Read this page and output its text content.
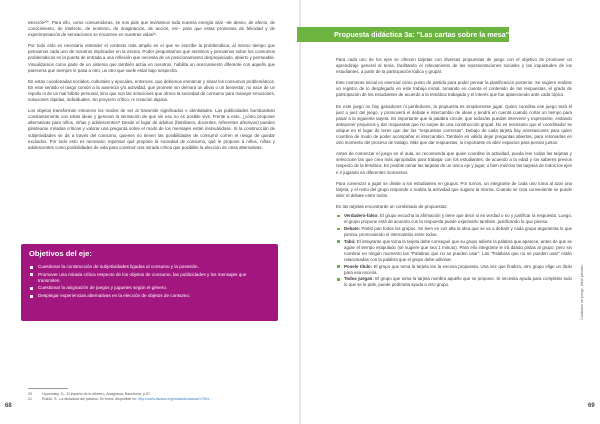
elección²⁰". Para ello, como consumidoras, se nos pide que invirtamos toda nuestra energía vital –de deseo, de afecto, de conocimiento, de intelecto, de erotismo, de imaginación, de acción, etc– para que estas promesas de felicidad y de experimentación de sensaciones se encarnen en nuestras vidas²¹.

Por todo esto es necesario entender el contexto más amplio en el que se inscribe la problemática, al mismo tiempo que pensamos cada uno de nosotros implicados en la misma. Poder preguntarnos qué sentimos y pensamos sobre los consumos problemáticos es la puerta de entrada a una reflexión que necesita de un posicionamiento desprejuiciado, abierto y permeable. Visualizamos como parte de un sistema que también actúa en nosotros, habilita un acercamiento diferente con aquello que parecería que siempre le pasa a otro, un otro que suele estar bajo sospecha.

En estas coordenadas sociales, culturales y epocales, entonces, que debemos enmarcar y situar los consumos problemáticos. En este sentido el rasgo común a la ausencia y/o actividad, que promete sin demora un alivio o un bienestar, no nace de un repollo ni de un mal hábito personal, sino que son las soluciones que ofrece la sociedad de consumo para manejar emociones, soluciones rápidas, individuales, sin proyecto crítico, ni creación alguna.

Los objetos transforman entonces los modos de ser al transmitir significados e identidades. Las publicidades bombardean constantemente con estas ideas y generan la sensación de que sin eso no es posible vivir. Frente a esto, ¿cómo proponer alternativas para niños, niñas y adolescentes? Desde el lugar de adultos (familiares, docentes, referentes afectivos) pueden plantearse miradas críticas y valorar una pregunta sobre el modo de los mensajes están insinuándose. Si la construcción de subjetividades se da a través del consumo, quienes no tienen las posibilidades de consumir corren el riesgo de quedar excluidos. Por todo esto es necesario repensar qué propone la sociedad de consumo, qué le propone a niños, niñas y adolescentes como posibilidades de vida para construir una mirada crítica que posibilite la elección de otras alternativas.

Objetivos del eje:
Cuestionar la construcción de subjetividades ligadas al consumo y la posesión.
Promover una mirada crítica respecto de los objetos de consumo, las publicidades y los mensajes que transmiten.
Cuestionar la asignación de juegos y juguetes según el género.
Desplegar experiencias alternativas en la elección de objetos de consumo.
20	Lipovetsky, G., El imperio de lo efímero, Anagrama, Barcelona, p.97.
21	Rolnik, S., La dictadura del paraíso. En línea, disponible en: http://www.lavaca.org/notas/dictadura/17054...
68
Propuesta didáctica 3a: "Las cartas sobre la mesa"

Para cada uno de los ejes se ofrecen tarjetas con diversas propuestas de juego con el objetivo de promover un aprendizaje general al tema, facilitando el relevamiento de las representaciones sociales y las inquietudes de los estudiantes, a partir de la participación lúdica y grupal.

Este momento inicial es esencial como punto de partida para poder pensar la planificación posterior. Se sugiere realizar un registro de lo desplegado en este trabajo inicial, tomando en cuenta el contenido de las respuestas, el grado de participación de los estudiantes de acuerdo a la temática trabajada y el interés que fue apareciendo ante cada tópico.

En este juego no hay ganadores ni perdedores, la propuesta es simplemente jugar. Quien coordina ese juego será el juez o juez del juego, y promoverá el debate e intercambio de ideas y tendrá en cuenta cuando cortar un tiempo para pasar a la siguiente tarjeta. Es importante que la palabra circule, que todos/as puedan intervenir y expresarse, evitando anteponer prejuicios y dar respuestas que no surjan de una construcción grupal. No es necesario que el coordinador se ubique en el lugar de tener que dar las "respuestas correctas". Debajo de cada tarjeta hay orientaciones para quien coordina de modo de poder acompañar el intercambio. También es válido dejar preguntas abiertas, para retomarlas en otro momento del proceso de trabajo. Más que dar respuestas, lo importante es abrir espacios para pensar juntos.

Antes de comenzar el juego en el aula, se recomienda que quien coordine la actividad, pueda leer todas las tarjetas y seleccione las que crea más apropiadas para trabajar con los estudiantes, de acuerdo a la edad y los saberes previos respecto de la temática. Es posible tomar las tarjetas de un único eje y jugar, o bien mezclar las tarjetas de todos los ejes e ir jugando en diferentes momentos.

Para comenzar a jugar se divide a los estudiantes en grupos. Por turnos, un integrante de cada uno toma al azar una tarjeta, y el resto del grupo responde o realiza la actividad que sugiere la misma. Cuando se crea conveniente se puede abrir el debate entre todos.

En las tarjetas encontrarán un combinado de propuestas:

Verdadero-falso: El grupo escucha la afirmación y tiene que decir si es verdad o no y justificar la respuesta. Luego, el grupo propone está de acuerdo con la respuesta puede expresarlo también, justificando lo que piensa.
Debate: Partid pan todos los grupos. Se leen en voz alta la idea que se va a debatir y cada grupo argumenta lo que piensa, promoviendo el intercambio entre todos.
Tabú: El integrante que toma la tarjeta debe conseguir que su grupo adierte la palabra que aparece, antes de que se agote el tiempo estipulado (se sugiere que sea 1 minuto). Para ello integrante le irá dando pistas al grupo, pero sin nombrar en ningún momento las "Palabras que no se pueden usar". Las "Palabras que no se pueden usar" están relacionadas con la palabra que el grupo debe adivinar.
Ponele título: El grupo que toma la tarjeta lee la escena propuesta. Una vez que finaliza, otro grupo elige un título para esa escena.
Todos juegan: El grupo que toma la tarjeta nombra aquello que se propone. Si necesita ayuda para completar todo lo que se le pide, puede pedírsela ayuda a otro grupo.	Cuidados en juego, ideal privado
69
